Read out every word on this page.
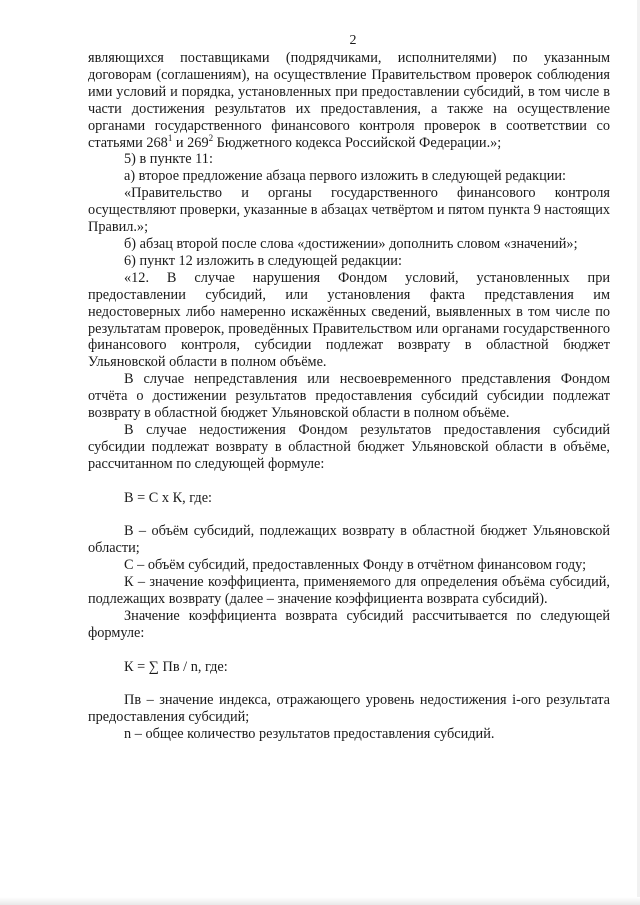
2

являющихся поставщиками (подрядчиками, исполнителями) по указанным договорам (соглашениям), на осуществление Правительством проверок соблюдения ими условий и порядка, установленных при предоставлении субсидий, в том числе в части достижения результатов их предоставления, а также на осуществление органами государственного финансового контроля проверок в соответствии со статьями $268^1$ и $269^2$ Бюджетного кодекса Российской Федерации.»;

5) в пункте 11:

а) второе предложение абзаца первого изложить в следующей редакции:

«Правительство и органы государственного финансового контроля осуществляют проверки, указанные в абзацах четвёртом и пятом пункта 9 настоящих Правил.»;

б) абзац второй после слова «достижении» дополнить словом «значений»;

6) пункт 12 изложить в следующей редакции:

«12. В случае нарушения Фондом условий, установленных при предоставлении субсидий, или установления факта представления им недостоверных либо намеренно искажённых сведений, выявленных в том числе по результатам проверок, проведённых Правительством или органами государственного финансового контроля, субсидии подлежат возврату в областной бюджет Ульяновской области в полном объёме.

В случае непредставления или несвоевременного представления Фондом отчёта о достижении результатов предоставления субсидий субсидии подлежат возврату в областной бюджет Ульяновской области в полном объёме.

В случае недостижения Фондом результатов предоставления субсидий субсидии подлежат возврату в областной бюджет Ульяновской области в объёме, рассчитанном по следующей формуле:

В = С х К, где:

В – объём субсидий, подлежащих возврату в областной бюджет Ульяновской области;

С – объём субсидий, предоставленных Фонду в отчётном финансовом году;

К – значение коэффициента, применяемого для определения объёма субсидий, подлежащих возврату (далее – значение коэффициента возврата субсидий).

Значение коэффициента возврата субсидий рассчитывается по следующей формуле:

К = ∑ Пв / n, где:

Пв – значение индекса, отражающего уровень недостижения i-ого результата предоставления субсидий;

n – общее количество результатов предоставления субсидий.
